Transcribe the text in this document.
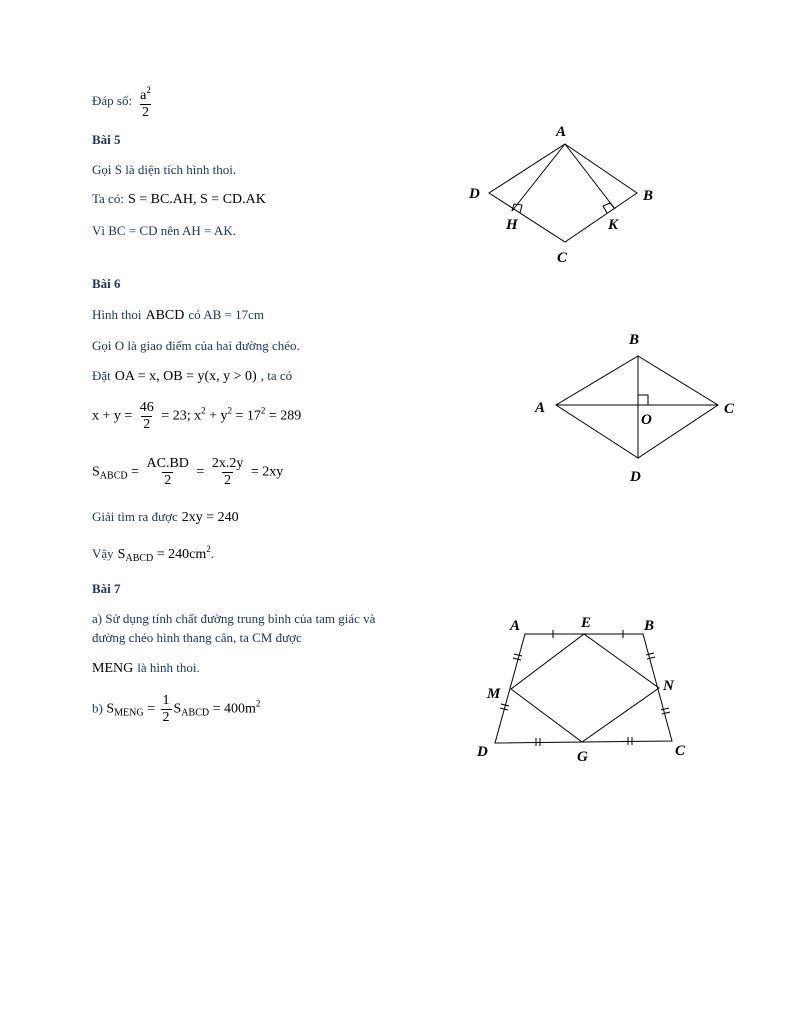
Đáp số: $\frac{a^2}{2}$
Bài 5
Gọi S là diện tích hình thoi.
Ta có: S = BC.AH, S = CD.AK
Vì BC = CD nên AH = AK.
A
B
C
D
H	K
Bài 6
Hình thoi ABCD có AB = 17cm
Gọi O là giao điểm của hai đường chéo.
Đặt OA = x, OB = y(x, y > 0) , ta có
$x + y = \frac{46}{2} = 23$; $x^2 + y^2 = 17^2 = 289$
$S_{ABCD} = \frac{AC.BD}{2} = \frac{2x.2y}{2} = 2xy$
Giải tìm ra được 2xy = 240
Vậy $S_{ABCD} = 240cm^2$.
B
A	C
O
D
Bài 7
a) Sử dụng tính chất đường trung bình của tam giác và
đường chéo hình thang cân, ta CM được
MENG là hình thoi.
b) $S_{MENG} = \frac{1}{2} S_{ABCD} = 400m^2$
A	E	B
M	N
D	G	C
